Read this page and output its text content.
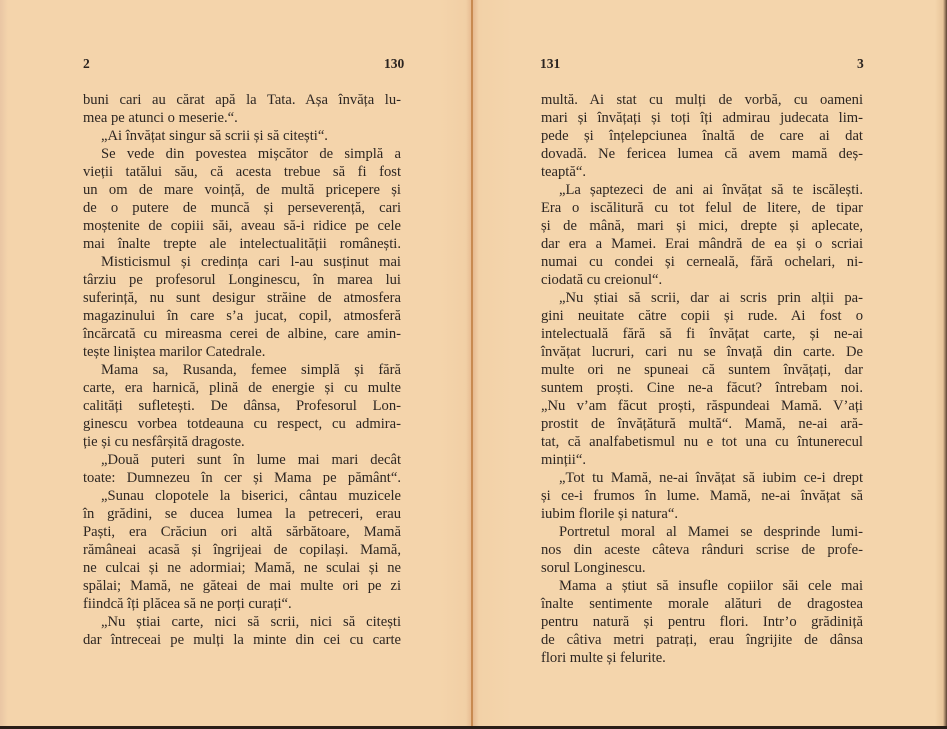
2	130
buni cari au cărat apă la Tata. Așa învăța lu-
mea pe atunci o meserie.“.
„Ai învățat singur să scrii și să citești“.
Se vede din povestea mișcător de simplă a
vieții tatălui său, că acesta trebue să fi fost
un om de mare voință, de multă pricepere și
de o putere de muncă și perseverență, cari
moștenite de copiii săi, aveau să-i ridice pe cele
mai înalte trepte ale intelectualității românești.
Misticismul și credința cari l-au susținut mai
târziu pe profesorul Longinescu, în marea lui
suferință, nu sunt desigur străine de atmosfera
magazinului în care s’a jucat, copil, atmosferă
încărcată cu mireasma cerei de albine, care amin-
tește liniștea marilor Catedrale.
Mama sa, Rusanda, femee simplă și fără
carte, era harnică, plină de energie și cu multe
calități sufletești. De dânsa, Profesorul Lon-
ginescu vorbea totdeauna cu respect, cu admira-
ție și cu nesfârșită dragoste.
„Două puteri sunt în lume mai mari decât
toate: Dumnezeu în cer și Mama pe pământ“.
„Sunau clopotele la biserici, cântau muzicele
în grădini, se ducea lumea la petreceri, erau
Paști, era Crăciun ori altă sărbătoare, Mamă
rămâneai acasă și îngrijeai de copilași. Mamă,
ne culcai și ne adormiai; Mamă, ne sculai și ne
spălai; Mamă, ne găteai de mai multe ori pe zi
fiindcă îți plăcea să ne porți curați“.
„Nu știai carte, nici să scrii, nici să citești
dar întreceai pe mulți la minte din cei cu carte
131	3
multă. Ai stat cu mulți de vorbă, cu oameni
mari și învățați și toți îți admirau judecata lim-
pede și înțelepciunea înaltă de care ai dat
dovadă. Ne fericea lumea că avem mamă deș-
teaptă“.
„La șaptezeci de ani ai învățat să te iscălești.
Era o iscălitură cu tot felul de litere, de tipar
și de mână, mari și mici, drepte și aplecate,
dar era a Mamei. Erai mândră de ea și o scriai
numai cu condei și cerneală, fără ochelari, ni-
ciodată cu creionul“.
„Nu știai să scrii, dar ai scris prin alții pa-
gini neuitate către copii și rude. Ai fost o
intelectuală fără să fi învățat carte, și ne-ai
învățat lucruri, cari nu se învață din carte. De
multe ori ne spuneai că suntem învățați, dar
suntem proști. Cine ne-a făcut? întrebam noi.
„Nu v’am făcut proști, răspundeai Mamă. V’ați
prostit de învățătură multă“. Mamă, ne-ai ară-
tat, că analfabetismul nu e tot una cu întunerecul
minții“.
„Tot tu Mamă, ne-ai învățat să iubim ce-i drept
și ce-i frumos în lume. Mamă, ne-ai învățat să
iubim florile și natura“.
Portretul moral al Mamei se desprinde lumi-
nos din aceste câteva rânduri scrise de profe-
sorul Longinescu.
Mama a știut să insufle copiilor săi cele mai
înalte sentimente morale alături de dragostea
pentru natură și pentru flori. Intr’o grădiniță
de câtiva metri patrați, erau îngrijite de dânsa
flori multe și felurite.
